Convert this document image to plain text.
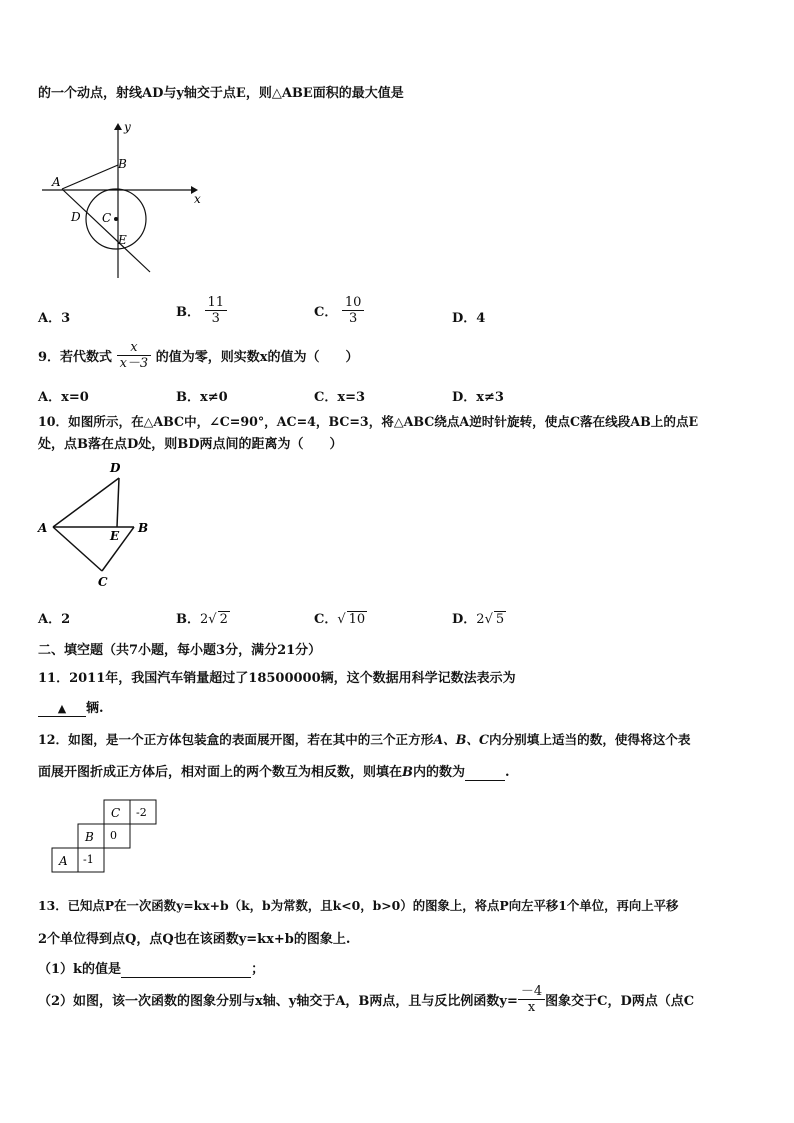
的一个动点，射线AD与y轴交于点E，则△ABE面积的最大值是
y
x
A
B
C
D
E
A．3	B． $\frac{11}{3}$	C． $\frac{10}{3}$	D．4
9．若代数式 $\frac{x}{x-3}$ 的值为零，则实数x的值为（　　）
A．x=0	B．x≠0	C．x=3	D．x≠3
10．如图所示，在△ABC中，∠C=90°，AC=4，BC=3，将△ABC绕点A逆时针旋转，使点C落在线段AB上的点E
处，点B落在点D处，则BD两点间的距离为（　　）
D
A
E
B
C
A．2	B．2√ 2	C．√ 10	D．2√ 5
二、填空题（共7小题，每小题3分，满分21分）
11．2011年，我国汽车销量超过了18500000辆，这个数据用科学记数法表示为
▲ 辆.
12．如图，是一个正方体包装盒的表面展开图，若在其中的三个正方形A、B、C内分别填上适当的数，使得将这个表
面展开图折成正方体后，相对面上的两个数互为相反数，则填在B内的数为	.
C -2
B 0
A -1
13．已知点P在一次函数y=kx+b（k，b为常数，且k<0，b>0）的图象上，将点P向左平移1个单位，再向上平移
2个单位得到点Q，点Q也在该函数y=kx+b的图象上.
（1）k的值是	；
（2）如图，该一次函数的图象分别与x轴、y轴交于A，B两点，且与反比例函数$y= \frac{-4}{x}$ 图象交于C，D两点（点C
